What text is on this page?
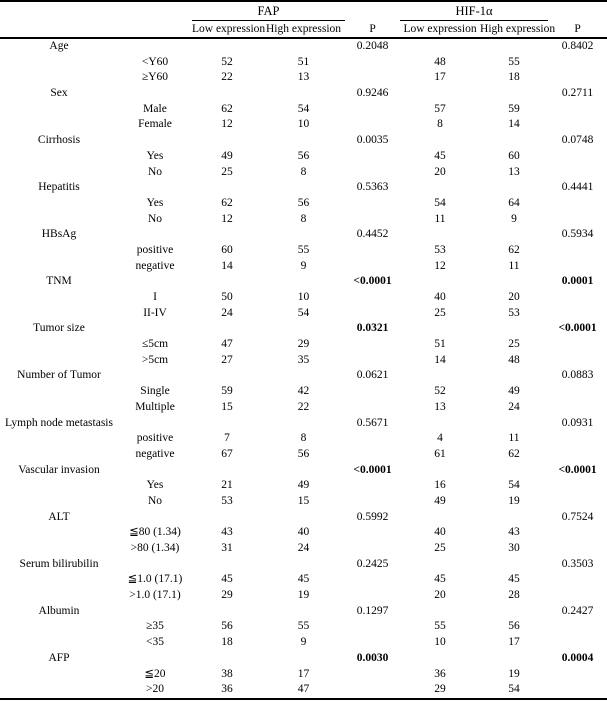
		FAP			HIF-1α		
		Low expression	High expression	P	Low expression	High expression	P
Age				0.2048			0.8402
	<Y60	52	51		48	55	
	≥Y60	22	13		17	18	
Sex				0.9246			0.2711
	Male	62	54		57	59	
	Female	12	10		8	14	
Cirrhosis				0.0035			0.0748
	Yes	49	56		45	60	
	No	25	8		20	13	
Hepatitis				0.5363			0.4441
	Yes	62	56		54	64	
	No	12	8		11	9	
HBsAg				0.4452			0.5934
	positive	60	55		53	62	
	negative	14	9		12	11	
TNM				<0.0001			0.0001
	I	50	10		40	20	
	II-IV	24	54		25	53	
Tumor size				0.0321			<0.0001
	≤5cm	47	29		51	25	
	>5cm	27	35		14	48	
Number of Tumor				0.0621			0.0883
	Single	59	42		52	49	
	Multiple	15	22		13	24	
Lymph node metastasis				0.5671			0.0931
	positive	7	8		4	11	
	negative	67	56		61	62	
Vascular invasion				<0.0001			<0.0001
	Yes	21	49		16	54	
	No	53	15		49	19	
ALT				0.5992			0.7524
	≦80 (1.34)	43	40		40	43	
	>80 (1.34)	31	24		25	30	
Serum bilirubilin				0.2425			0.3503
	≦1.0 (17.1)	45	45		45	45	
	>1.0 (17.1)	29	19		20	28	
Albumin				0.1297			0.2427
	≥35	56	55		55	56	
	<35	18	9		10	17	
AFP				0.0030			0.0004
	≦20	38	17		36	19	
	>20	36	47		29	54	
